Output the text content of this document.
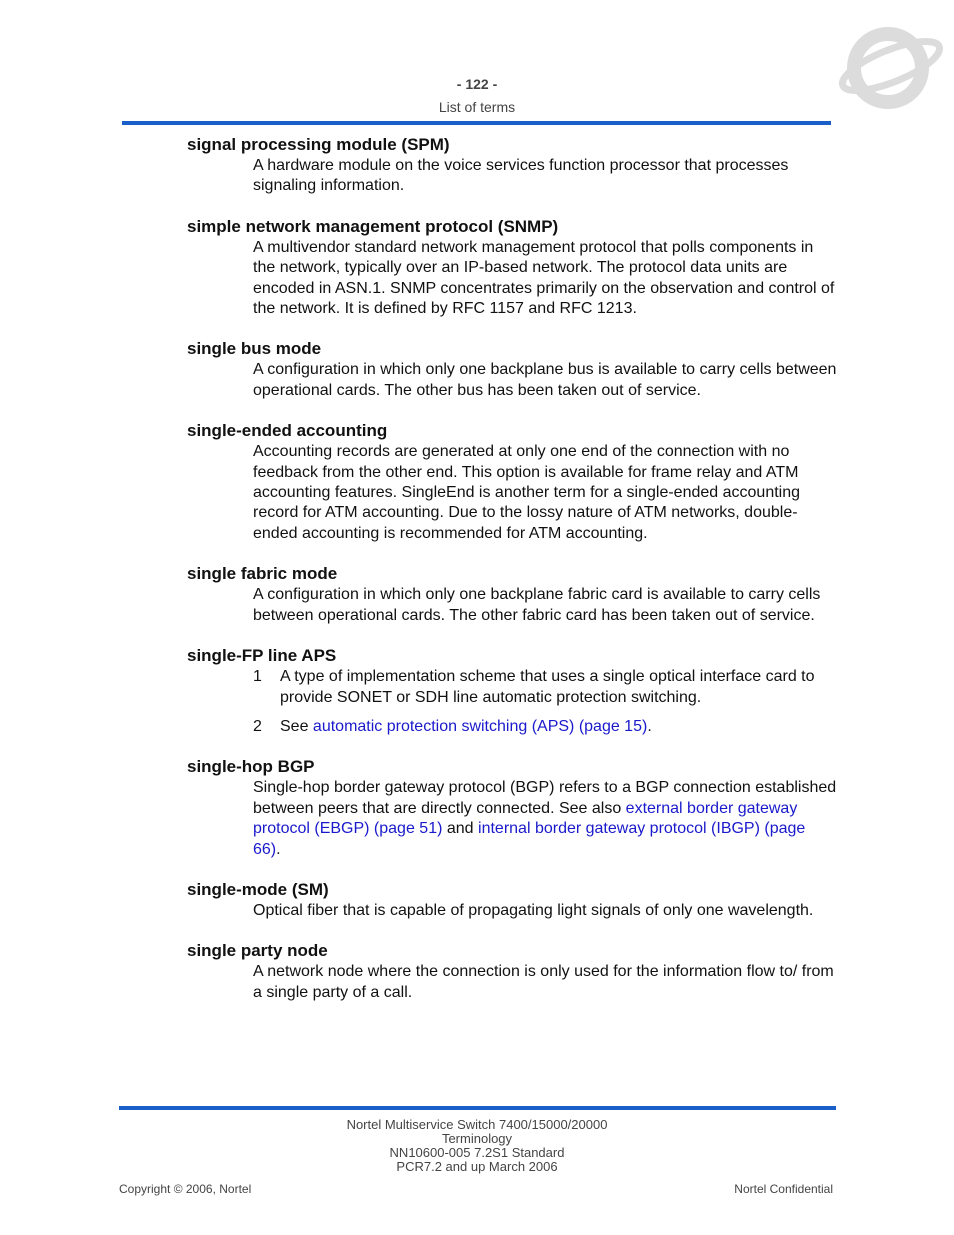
- 122 -
List of terms

signal processing module (SPM)

A hardware module on the voice services function processor that processes signaling information.

simple network management protocol (SNMP)

A multivendor standard network management protocol that polls components in the network, typically over an IP-based network. The protocol data units are encoded in ASN.1. SNMP concentrates primarily on the observation and control of the network. It is defined by RFC 1157 and RFC 1213.

single bus mode

A configuration in which only one backplane bus is available to carry cells between operational cards. The other bus has been taken out of service.

single-ended accounting

Accounting records are generated at only one end of the connection with no feedback from the other end. This option is available for frame relay and ATM accounting features. SingleEnd is another term for a single-ended accounting record for ATM accounting. Due to the lossy nature of ATM networks, double-ended accounting is recommended for ATM accounting.

single fabric mode

A configuration in which only one backplane fabric card is available to carry cells between operational cards. The other fabric card has been taken out of service.

single-FP line APS

1	A type of implementation scheme that uses a single optical interface card to provide SONET or SDH line automatic protection switching.
2	See automatic protection switching (APS) (page 15).

single-hop BGP

Single-hop border gateway protocol (BGP) refers to a BGP connection established between peers that are directly connected. See also external border gateway protocol (EBGP) (page 51) and internal border gateway protocol (IBGP) (page 66).

single-mode (SM)

Optical fiber that is capable of propagating light signals of only one wavelength.

single party node

A network node where the connection is only used for the information flow to/ from a single party of a call.

Nortel Multiservice Switch 7400/15000/20000
Terminology
NN10600-005 7.2S1 Standard
PCR7.2 and up March 2006
Copyright © 2006, Nortel	Nortel Confidential
